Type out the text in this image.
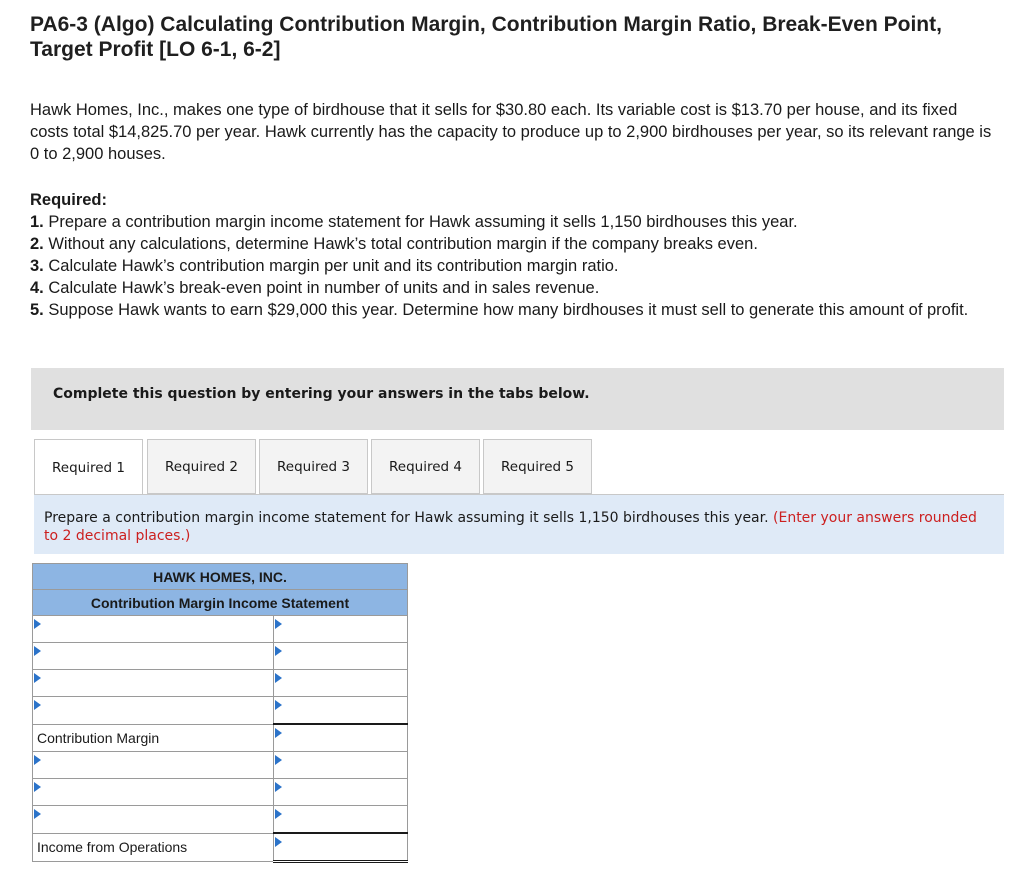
PA6-3 (Algo) Calculating Contribution Margin, Contribution Margin Ratio, Break-Even Point, Target Profit [LO 6-1, 6-2]

Hawk Homes, Inc., makes one type of birdhouse that it sells for $30.80 each. Its variable cost is $13.70 per house, and its fixed costs total $14,825.70 per year. Hawk currently has the capacity to produce up to 2,900 birdhouses per year, so its relevant range is 0 to 2,900 houses.

Required:
1. Prepare a contribution margin income statement for Hawk assuming it sells 1,150 birdhouses this year.
2. Without any calculations, determine Hawk’s total contribution margin if the company breaks even.
3. Calculate Hawk’s contribution margin per unit and its contribution margin ratio.
4. Calculate Hawk’s break-even point in number of units and in sales revenue.
5. Suppose Hawk wants to earn $29,000 this year. Determine how many birdhouses it must sell to generate this amount of profit.
Complete this question by entering your answers in the tabs below.
Required 1	Required 2	Required 3	Required 4	Required 5
Prepare a contribution margin income statement for Hawk assuming it sells 1,150 birdhouses this year. (Enter your answers rounded to 2 decimal places.)
HAWK HOMES, INC.	
Contribution Margin Income Statement	

Contribution Margin

Income from Operations
